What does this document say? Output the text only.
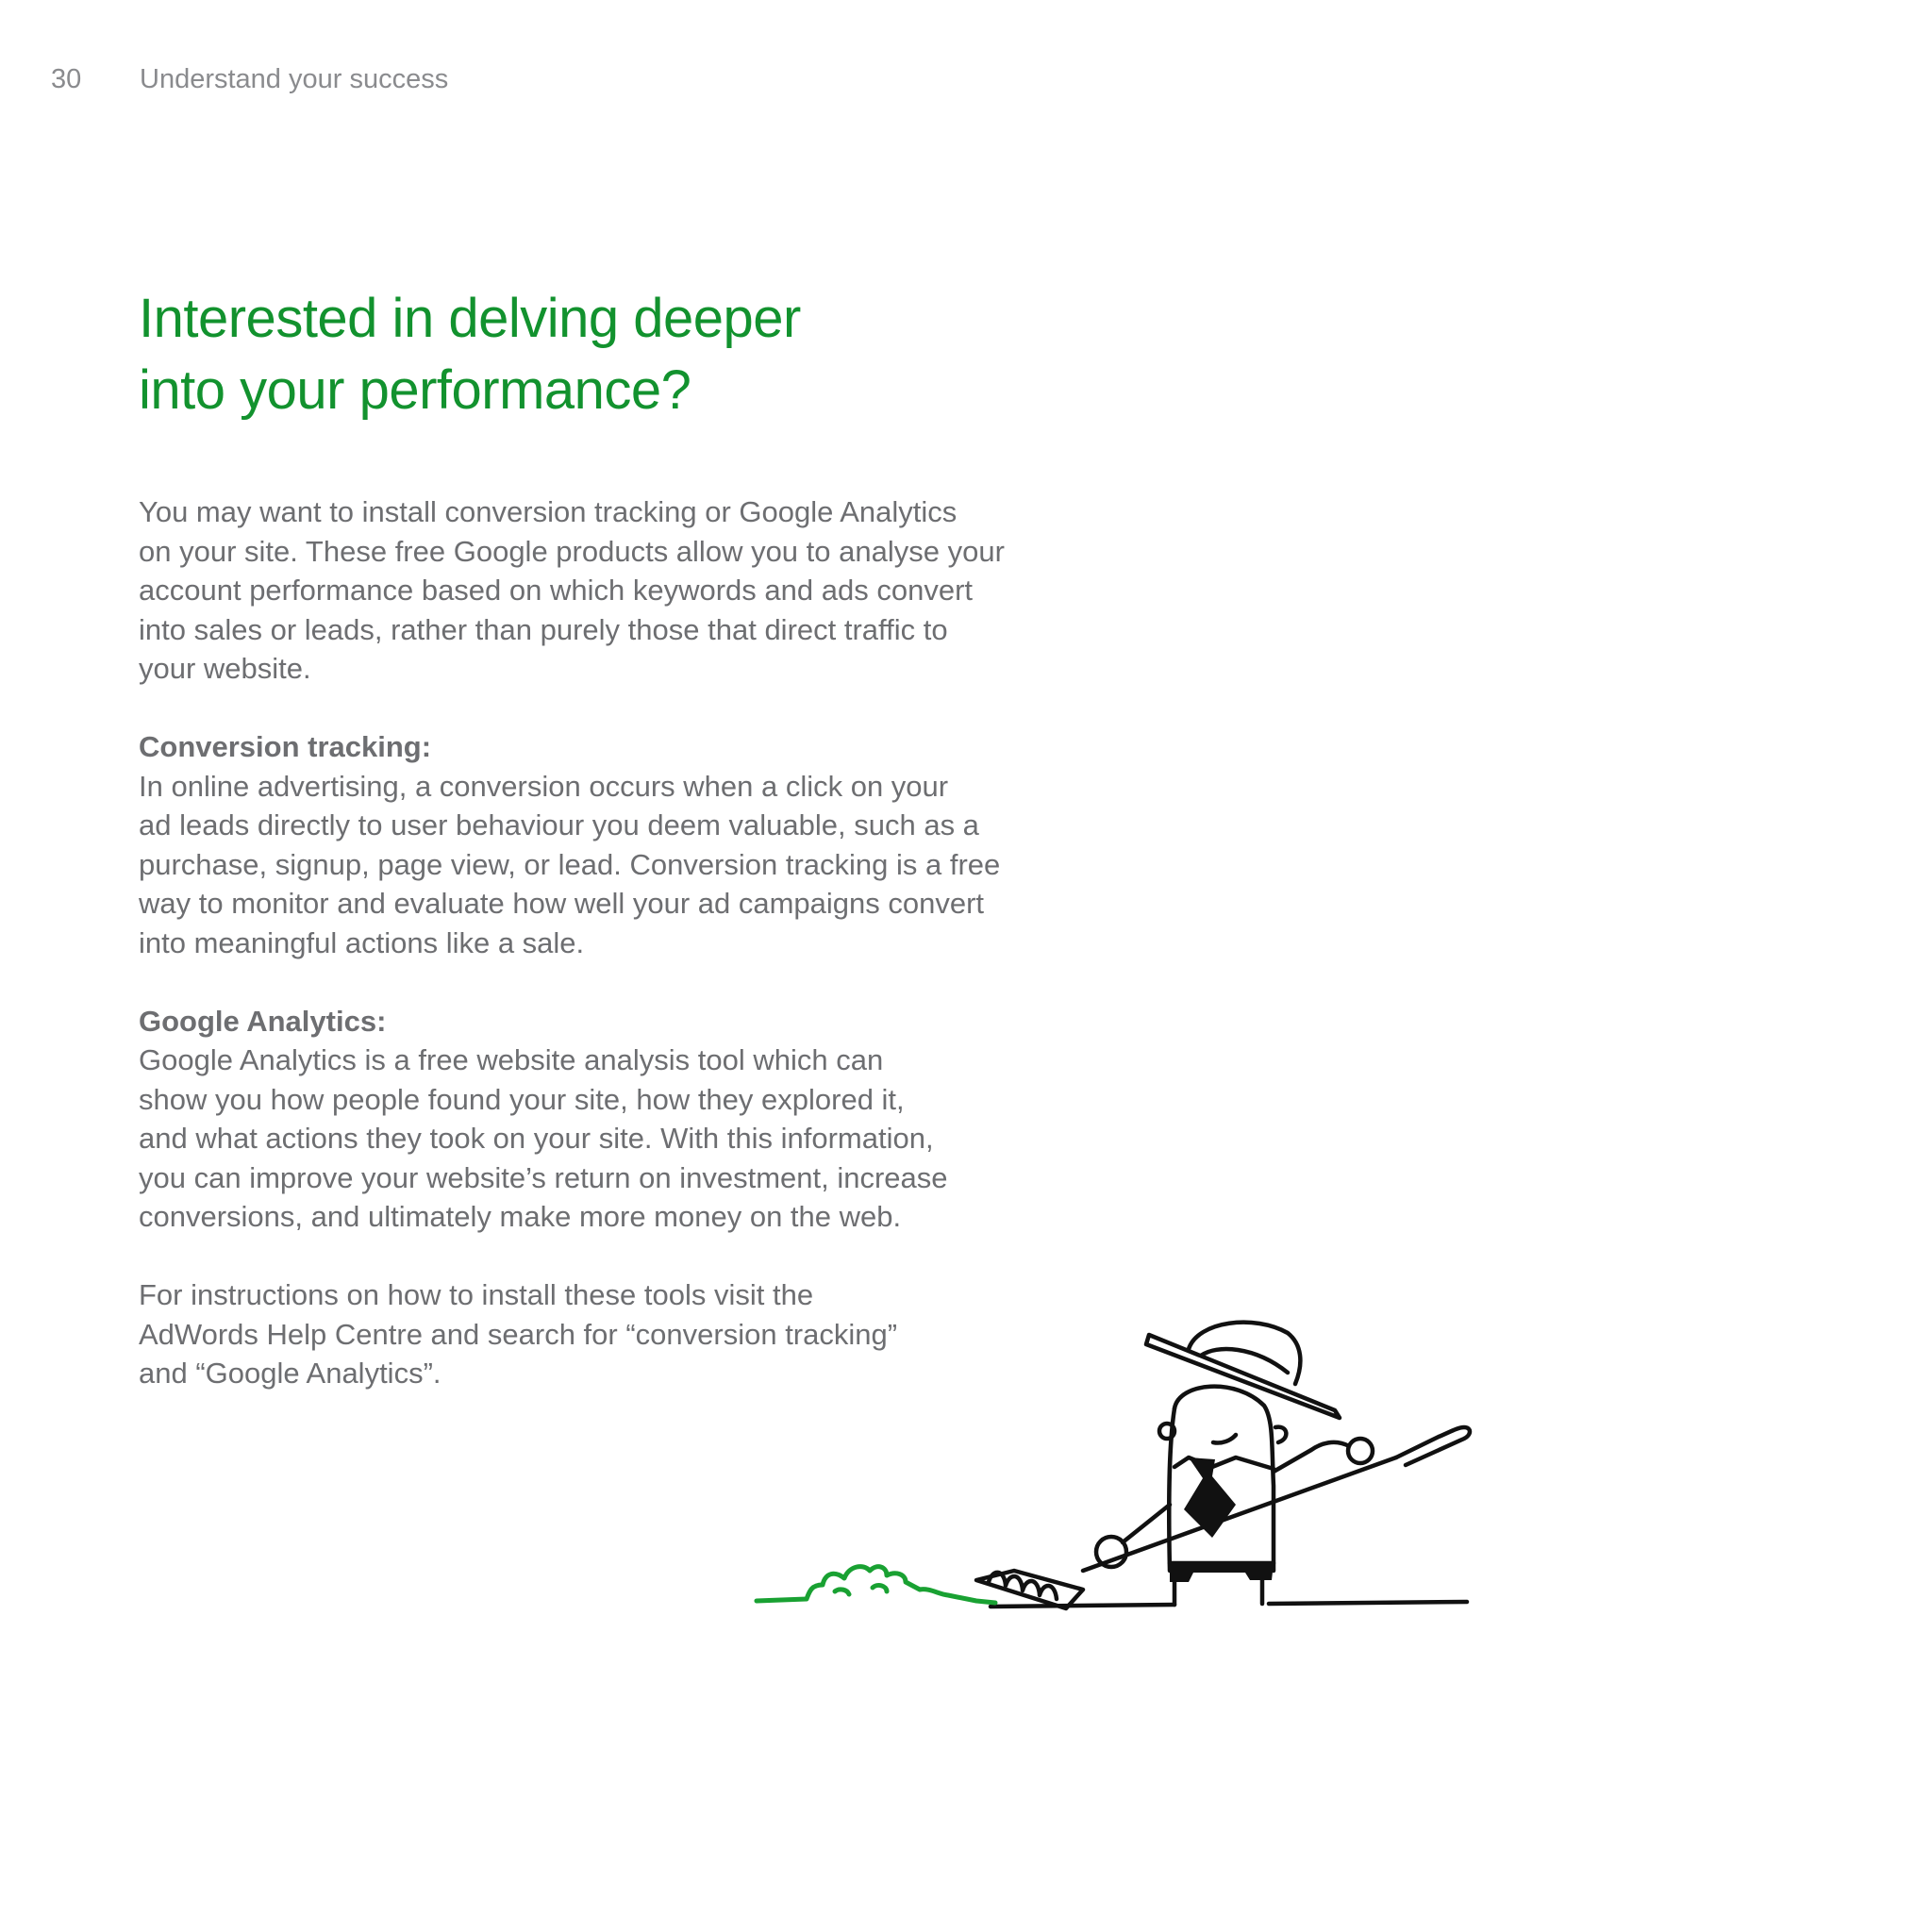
30 Understand your success
Interested in delving deeper
into your performance?

You may want to install conversion tracking or Google Analytics
on your site. These free Google products allow you to analyse your
account performance based on which keywords and ads convert
into sales or leads, rather than purely those that direct traffic to
your website.

Conversion tracking:
In online advertising, a conversion occurs when a click on your
ad leads directly to user behaviour you deem valuable, such as a
purchase, signup, page view, or lead. Conversion tracking is a free
way to monitor and evaluate how well your ad campaigns convert
into meaningful actions like a sale.

Google Analytics:
Google Analytics is a free website analysis tool which can
show you how people found your site, how they explored it,
and what actions they took on your site. With this information,
you can improve your website’s return on investment, increase
conversions, and ultimately make more money on the web.

For instructions on how to install these tools visit the
AdWords Help Centre and search for “conversion tracking”
and “Google Analytics”.
